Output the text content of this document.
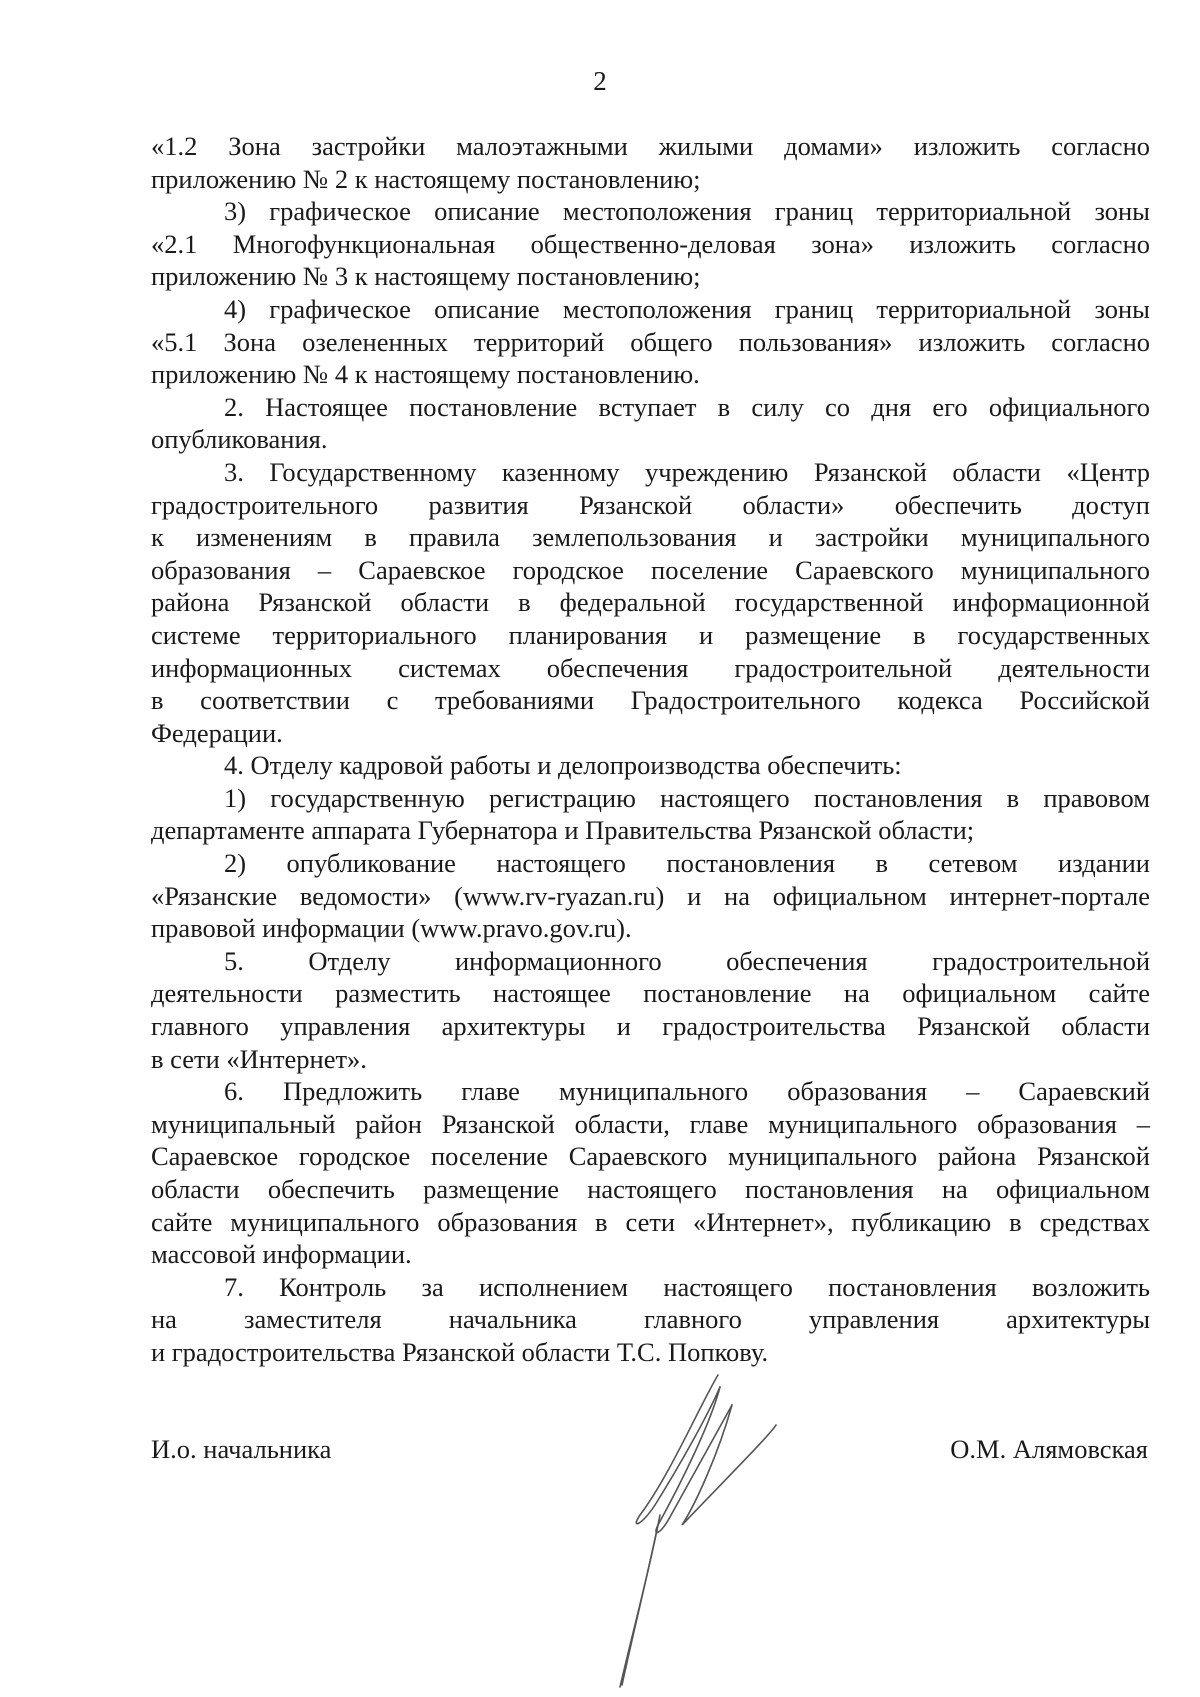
2
«1.2 Зона застройки малоэтажными жилыми домами» изложить согласно
приложению № 2 к настоящему постановлению;
3) графическое описание местоположения границ территориальной зоны
«2.1 Многофункциональная общественно-деловая зона» изложить согласно
приложению № 3 к настоящему постановлению;
4) графическое описание местоположения границ территориальной зоны
«5.1 Зона озелененных территорий общего пользования» изложить согласно
приложению № 4 к настоящему постановлению.
2. Настоящее постановление вступает в силу со дня его официального
опубликования.
3. Государственному казенному учреждению Рязанской области «Центр
градостроительного развития Рязанской области» обеспечить доступ
к изменениям в правила землепользования и застройки муниципального
образования – Сараевское городское поселение Сараевского муниципального
района Рязанской области в федеральной государственной информационной
системе территориального планирования и размещение в государственных
информационных системах обеспечения градостроительной деятельности
в соответствии с требованиями Градостроительного кодекса Российской
Федерации.
4. Отделу кадровой работы и делопроизводства обеспечить:
1) государственную регистрацию настоящего постановления в правовом
департаменте аппарата Губернатора и Правительства Рязанской области;
2) опубликование настоящего постановления в сетевом издании
«Рязанские ведомости» (www.rv-ryazan.ru) и на официальном интернет-портале
правовой информации (www.pravo.gov.ru).
5. Отделу информационного обеспечения градостроительной
деятельности разместить настоящее постановление на официальном сайте
главного управления архитектуры и градостроительства Рязанской области
в сети «Интернет».
6. Предложить главе муниципального образования – Сараевский
муниципальный район Рязанской области, главе муниципального образования –
Сараевское городское поселение Сараевского муниципального района Рязанской
области обеспечить размещение настоящего постановления на официальном
сайте муниципального образования в сети «Интернет», публикацию в средствах
массовой информации.
7. Контроль за исполнением настоящего постановления возложить
на заместителя начальника главного управления архитектуры
и градостроительства Рязанской области Т.С. Попкову.
И.о. начальника	О.М. Алямовская
